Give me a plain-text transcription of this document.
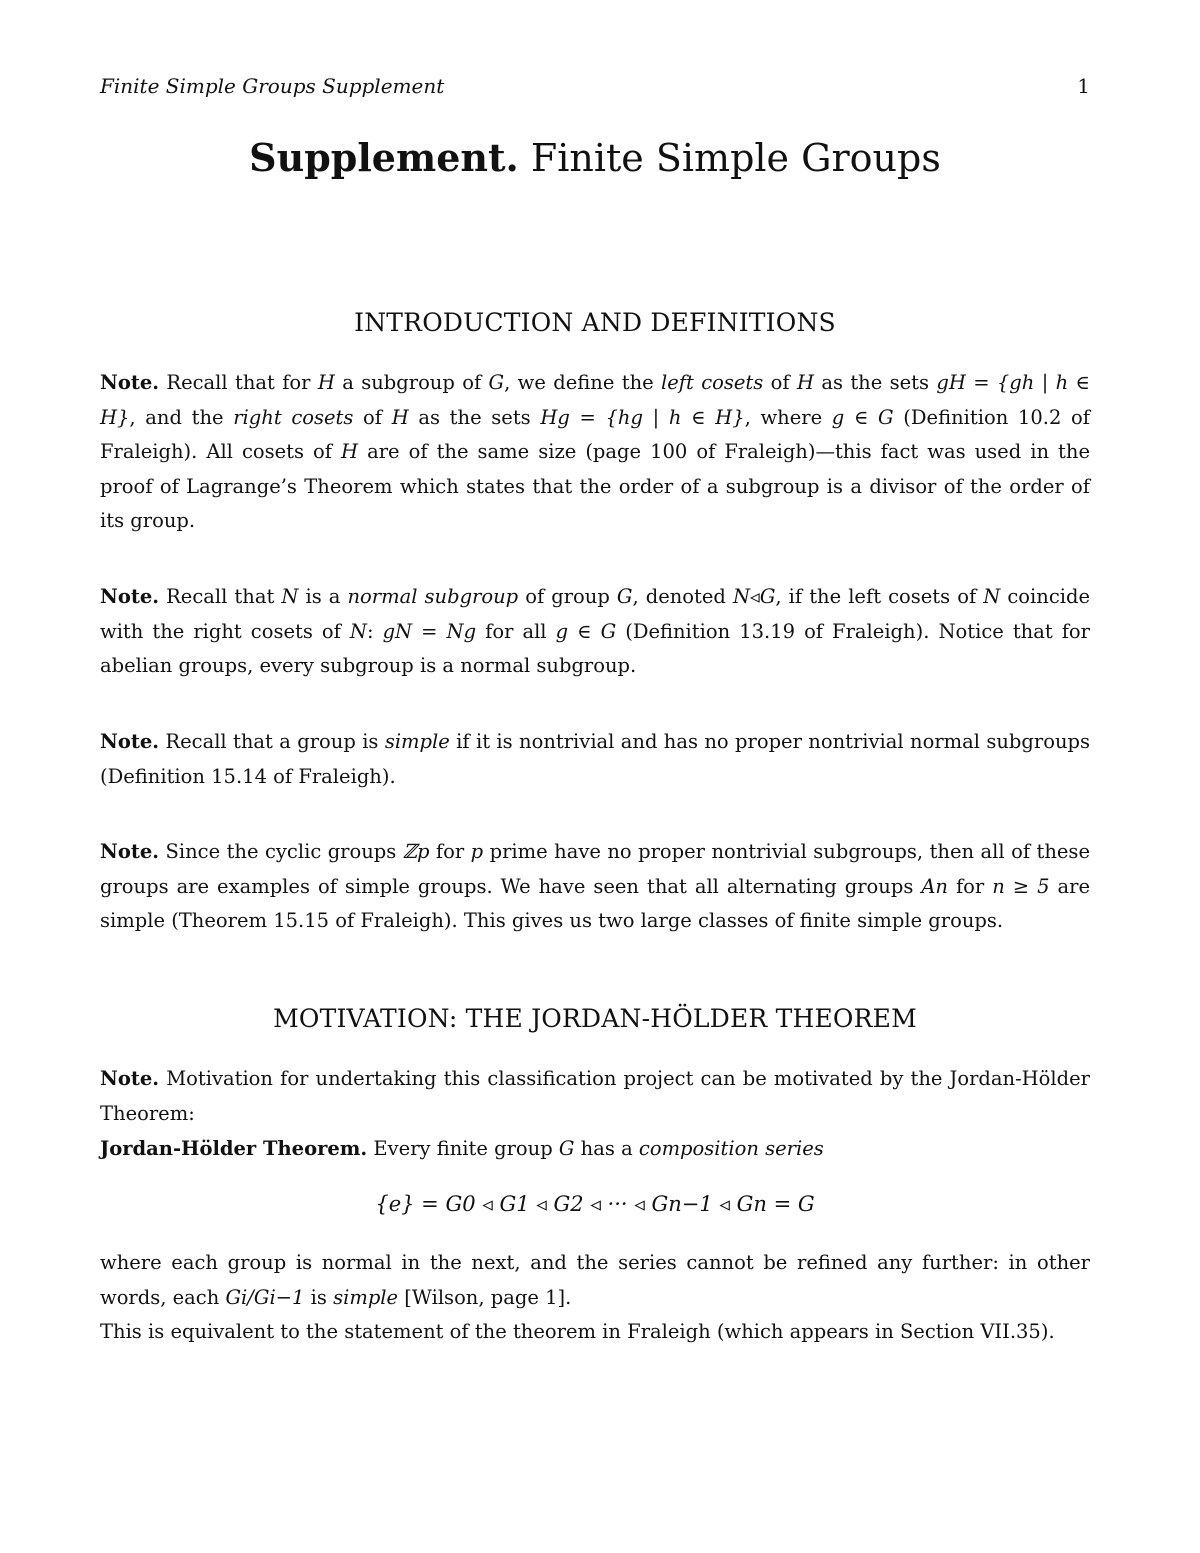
Finite Simple Groups Supplement	1
Supplement. Finite Simple Groups
INTRODUCTION AND DEFINITIONS
Note. Recall that for H a subgroup of G, we define the left cosets of H as the sets gH = {gh | h ∈ H}, and the right cosets of H as the sets Hg = {hg | h ∈ H}, where g ∈ G (Definition 10.2 of Fraleigh). All cosets of H are of the same size (page 100 of Fraleigh)—this fact was used in the proof of Lagrange’s Theorem which states that the order of a subgroup is a divisor of the order of its group.
Note. Recall that N is a normal subgroup of group G, denoted N◃G, if the left cosets of N coincide with the right cosets of N: gN = Ng for all g ∈ G (Definition 13.19 of Fraleigh). Notice that for abelian groups, every subgroup is a normal subgroup.
Note. Recall that a group is simple if it is nontrivial and has no proper nontrivial normal subgroups (Definition 15.14 of Fraleigh).
Note. Since the cyclic groups ℤp for p prime have no proper nontrivial subgroups, then all of these groups are examples of simple groups. We have seen that all alternating groups An for n ≥ 5 are simple (Theorem 15.15 of Fraleigh). This gives us two large classes of finite simple groups.
MOTIVATION: THE JORDAN-HÖLDER THEOREM
Note. Motivation for undertaking this classification project can be motivated by the Jordan-Hölder Theorem:
Jordan-Hölder Theorem. Every finite group G has a composition series
{e} = G0 ◃ G1 ◃ G2 ◃ ··· ◃ Gn−1 ◃ Gn = G
where each group is normal in the next, and the series cannot be refined any further: in other words, each Gi/Gi−1 is simple [Wilson, page 1].
This is equivalent to the statement of the theorem in Fraleigh (which appears in Section VII.35).
